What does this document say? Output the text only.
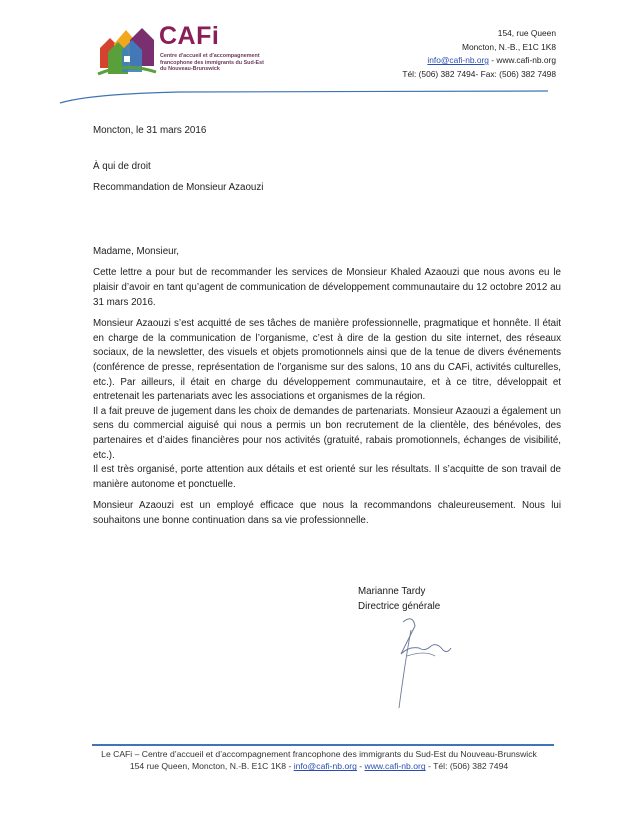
CAFi
Centre d'accueil et d'accompagnement francophone des immigrants du Sud-Est du Nouveau-Brunswick
154, rue Queen
Moncton, N.-B., E1C 1K8
info@cafi-nb.org - www.cafi-nb.org
Tél: (506) 382 7494- Fax: (506) 382 7498

Moncton, le 31 mars 2016

À qui de droit

Recommandation de Monsieur Azaouzi

Madame, Monsieur,

Cette lettre a pour but de recommander les services de Monsieur Khaled Azaouzi que nous avons eu le plaisir d’avoir en tant qu’agent de communication de développement communautaire du 12 octobre 2012 au 31 mars 2016.

Monsieur Azaouzi s’est acquitté de ses tâches de manière professionnelle, pragmatique et honnête. Il était en charge de la communication de l’organisme, c’est à dire de la gestion du site internet, des réseaux sociaux, de la newsletter, des visuels et objets promotionnels ainsi que de la tenue de divers événements (conférence de presse, représentation de l’organisme sur des salons, 10 ans du CAFi, activités culturelles, etc.). Par ailleurs, il était en charge du développement communautaire, et à ce titre, développait et entretenait les partenariats avec les associations et organismes de la région.

Il a fait preuve de jugement dans les choix de demandes de partenariats. Monsieur Azaouzi a également un sens du commercial aiguisé qui nous a permis un bon recrutement de la clientèle, des bénévoles, des partenaires et d’aides financières pour nos activités (gratuité, rabais promotionnels, échanges de visibilité, etc.).

Il est très organisé, porte attention aux détails et est orienté sur les résultats. Il s’acquitte de son travail de manière autonome et ponctuelle.

Monsieur Azaouzi est un employé efficace que nous la recommandons chaleureusement. Nous lui souhaitons une bonne continuation dans sa vie professionnelle.

Marianne Tardy
Directrice générale
Le CAFi – Centre d’accueil et d’accompagnement francophone des immigrants du Sud-Est du Nouveau-Brunswick
154 rue Queen, Moncton, N.-B. E1C 1K8 - info@cafi-nb.org - www.cafi-nb.org - Tél: (506) 382 7494
